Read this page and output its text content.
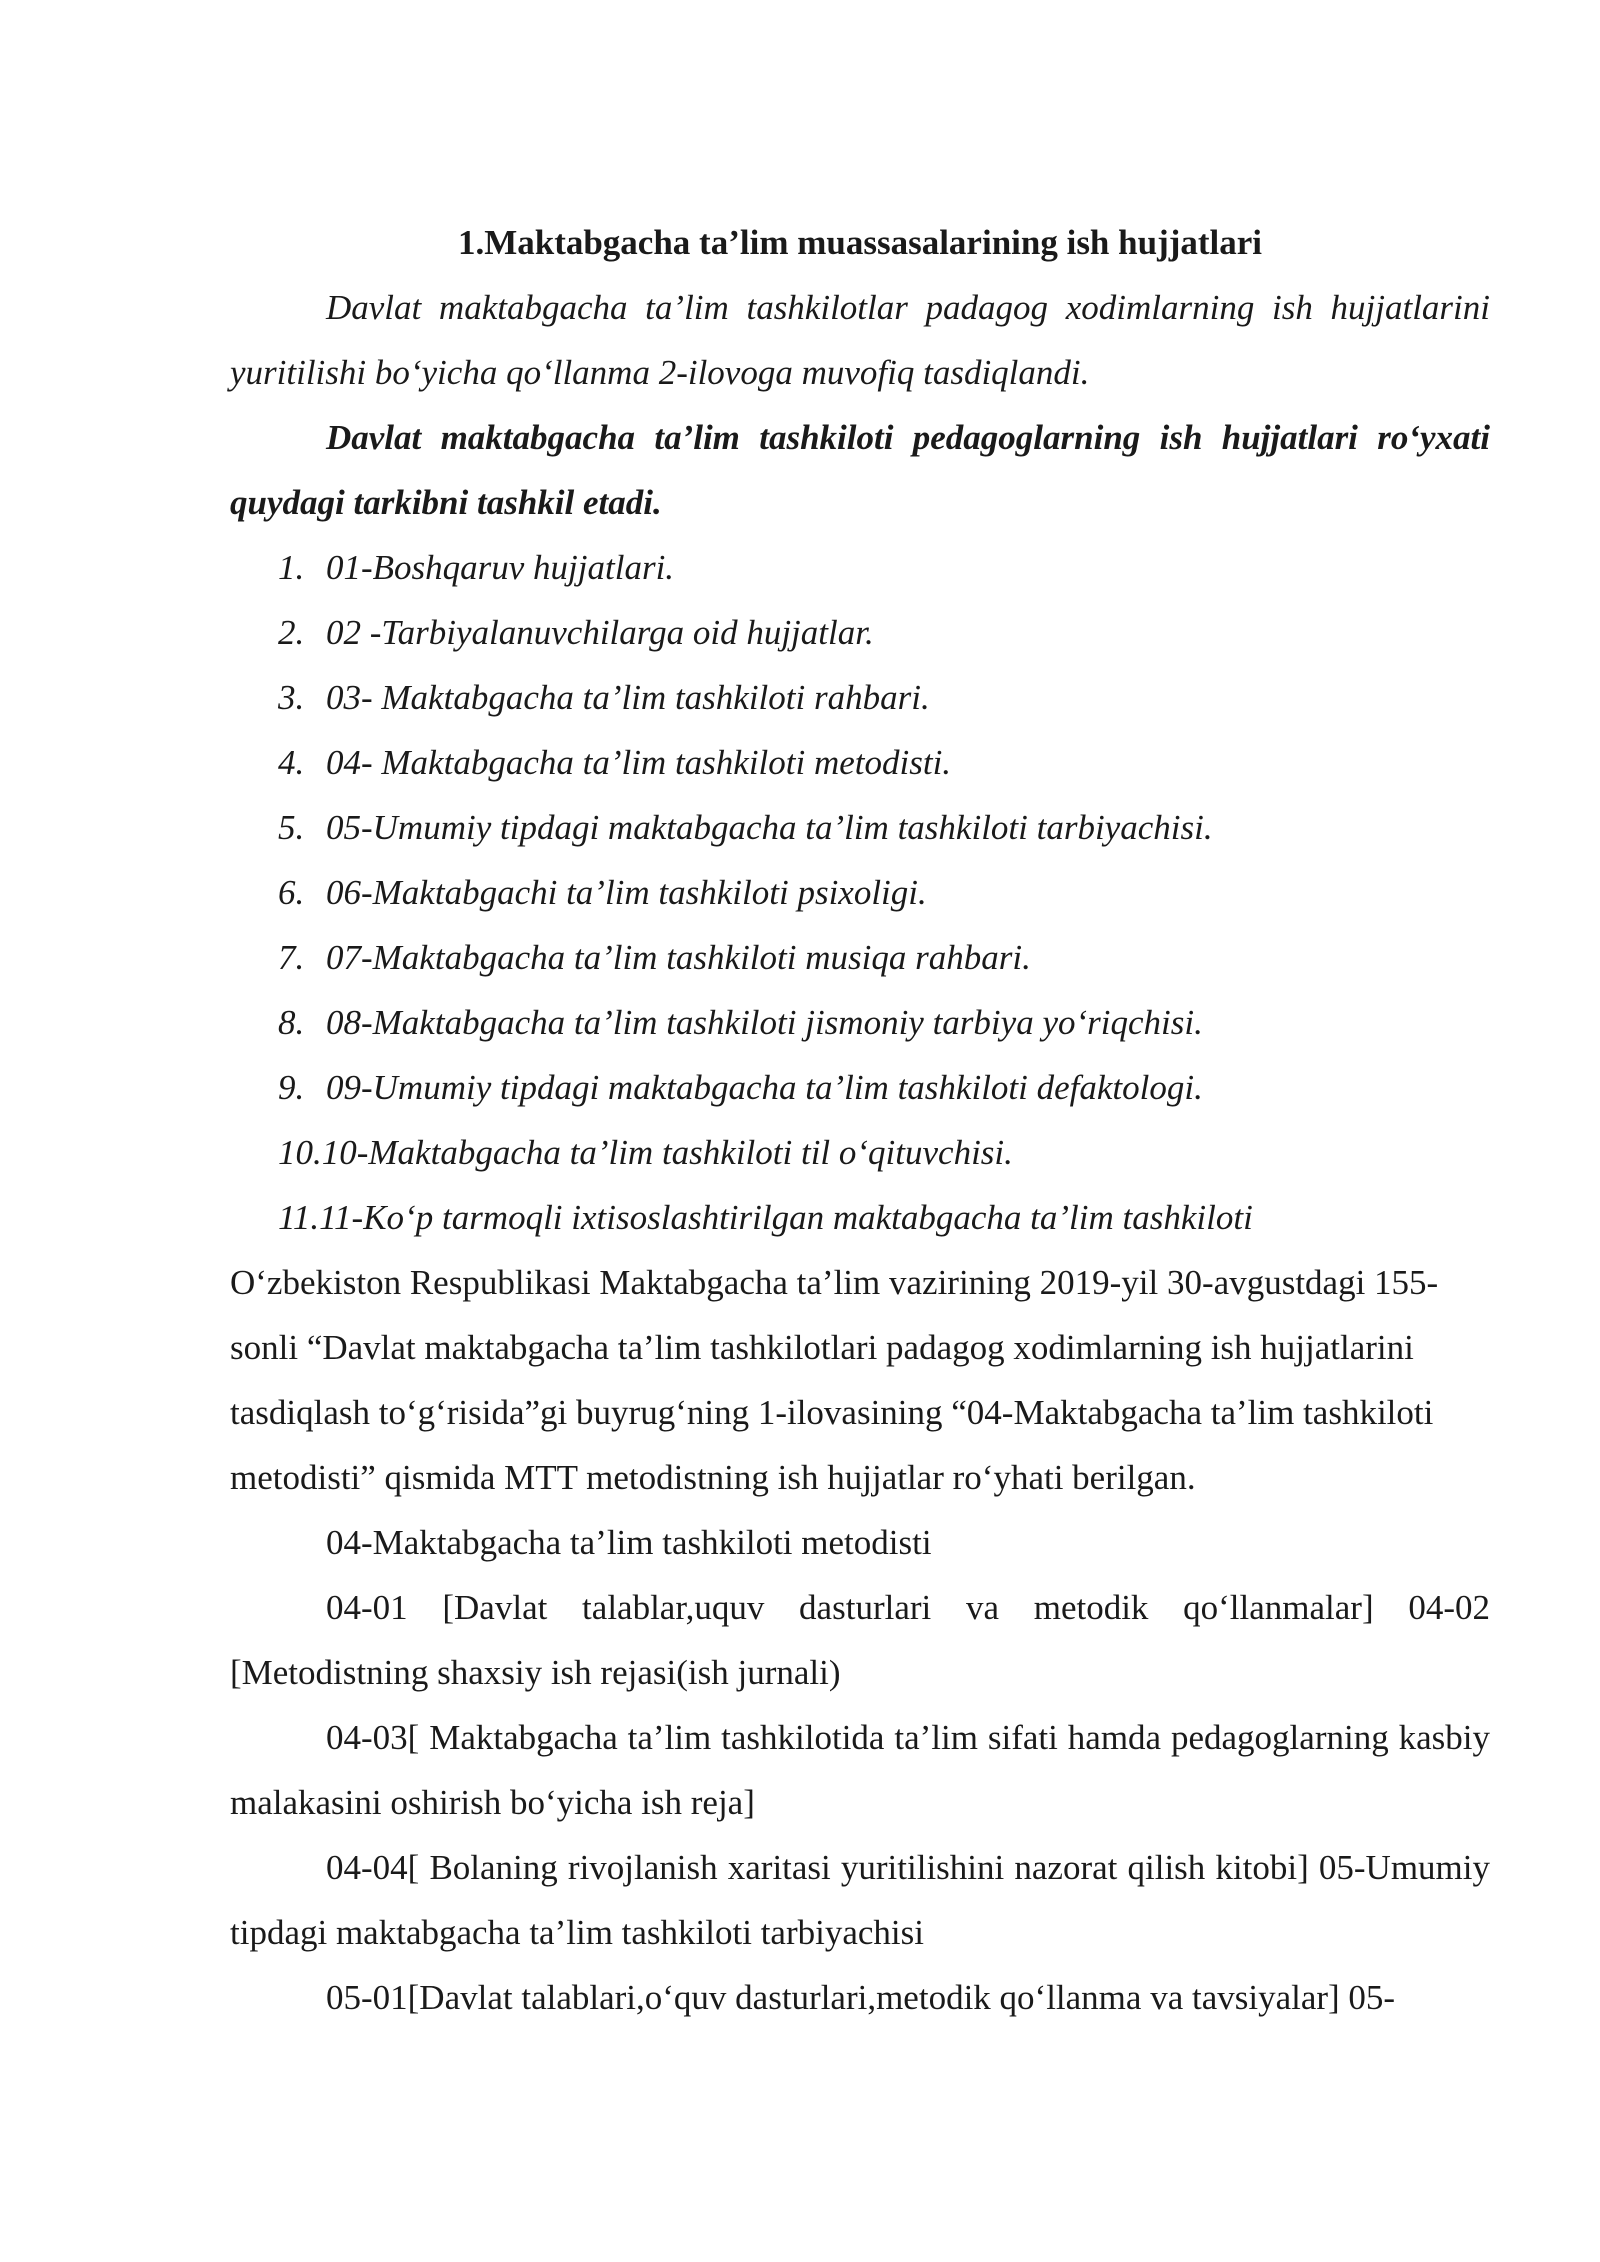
1.Maktabgacha ta’lim muassasalarining ish hujjatlari

Davlat maktabgacha ta’lim tashkilotlar padagog xodimlarning ish hujjatlarini yuritilishi bo‘yicha qo‘llanma 2-ilovoga muvofiq tasdiqlandi.

Davlat maktabgacha ta’lim tashkiloti pedagoglarning ish hujjatlari ro‘yxati quydagi tarkibni tashkil etadi.

1. 01-Boshqaruv hujjatlari.
2. 02 -Tarbiyalanuvchilarga oid hujjatlar.
3. 03- Maktabgacha ta’lim tashkiloti rahbari.
4. 04- Maktabgacha ta’lim tashkiloti metodisti.
5. 05-Umumiy tipdagi maktabgacha ta’lim tashkiloti tarbiyachisi.
6. 06-Maktabgachi ta’lim tashkiloti psixoligi.
7. 07-Maktabgacha ta’lim tashkiloti musiqa rahbari.
8. 08-Maktabgacha ta’lim tashkiloti jismoniy tarbiya yo‘riqchisi.
9. 09-Umumiy tipdagi maktabgacha ta’lim tashkiloti defaktologi.
10.10-Maktabgacha ta’lim tashkiloti til o‘qituvchisi.
11.11-Ko‘p tarmoqli ixtisoslashtirilgan maktabgacha ta’lim tashkiloti

O‘zbekiston Respublikasi Maktabgacha ta’lim vazirining 2019-yil 30-avgustdagi 155-sonli “Davlat maktabgacha ta’lim tashkilotlari padagog xodimlarning ish hujjatlarini tasdiqlash to‘g‘risida”gi buyrug‘ning 1-ilovasining “04-Maktabgacha ta’lim tashkiloti metodisti” qismida MTT metodistning ish hujjatlar ro‘yhati berilgan.

04-Maktabgacha ta’lim tashkiloti metodisti

04-01 [Davlat talablar,uquv dasturlari va metodik qo‘llanmalar] 04-02 [Metodistning shaxsiy ish rejasi(ish jurnali)

04-03[ Maktabgacha ta’lim tashkilotida ta’lim sifati hamda pedagoglarning kasbiy malakasini oshirish bo‘yicha ish reja]

04-04[ Bolaning rivojlanish xaritasi yuritilishini nazorat qilish kitobi] 05-Umumiy tipdagi maktabgacha ta’lim tashkiloti tarbiyachisi

05-01[Davlat talablari,o‘quv dasturlari,metodik qo‘llanma va tavsiyalar] 05-
